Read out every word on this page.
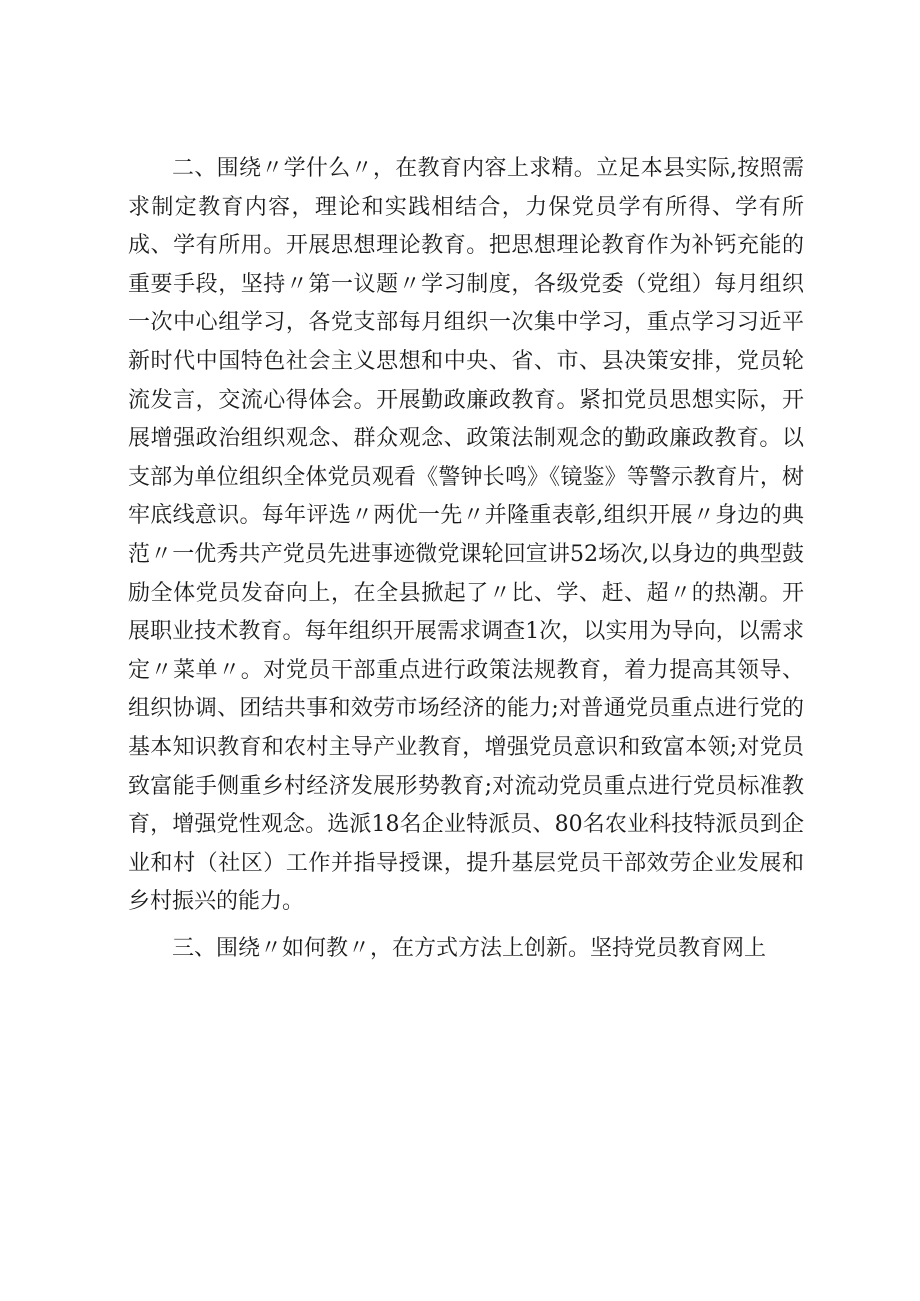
二、围绕〃学什么〃，在教育内容上求精。立足本县实际,按照需求制定教育内容，理论和实践相结合，力保党员学有所得、学有所成、学有所用。开展思想理论教育。把思想理论教育作为补钙充能的重要手段，坚持〃第一议题〃学习制度，各级党委（党组）每月组织一次中心组学习，各党支部每月组织一次集中学习，重点学习习近平新时代中国特色社会主义思想和中央、省、市、县决策安排，党员轮流发言，交流心得体会。开展勤政廉政教育。紧扣党员思想实际，开展增强政治组织观念、群众观念、政策法制观念的勤政廉政教育。以支部为单位组织全体党员观看《警钟长鸣》《镜鉴》等警示教育片，树牢底线意识。每年评选〃两优一先〃并隆重表彰,组织开展〃身边的典范〃一优秀共产党员先进事迹微党课轮回宣讲52场次,以身边的典型鼓励全体党员发奋向上，在全县掀起了〃比、学、赶、超〃的热潮。开展职业技术教育。每年组织开展需求调查1次，以实用为导向，以需求定〃菜单〃。对党员干部重点进行政策法规教育，着力提高其领导、组织协调、团结共事和效劳市场经济的能力;对普通党员重点进行党的基本知识教育和农村主导产业教育，增强党员意识和致富本领;对党员致富能手侧重乡村经济发展形势教育;对流动党员重点进行党员标准教育，增强党性观念。选派18名企业特派员、80名农业科技特派员到企业和村（社区）工作并指导授课，提升基层党员干部效劳企业发展和乡村振兴的能力。

三、围绕〃如何教〃，在方式方法上创新。坚持党员教育网上
